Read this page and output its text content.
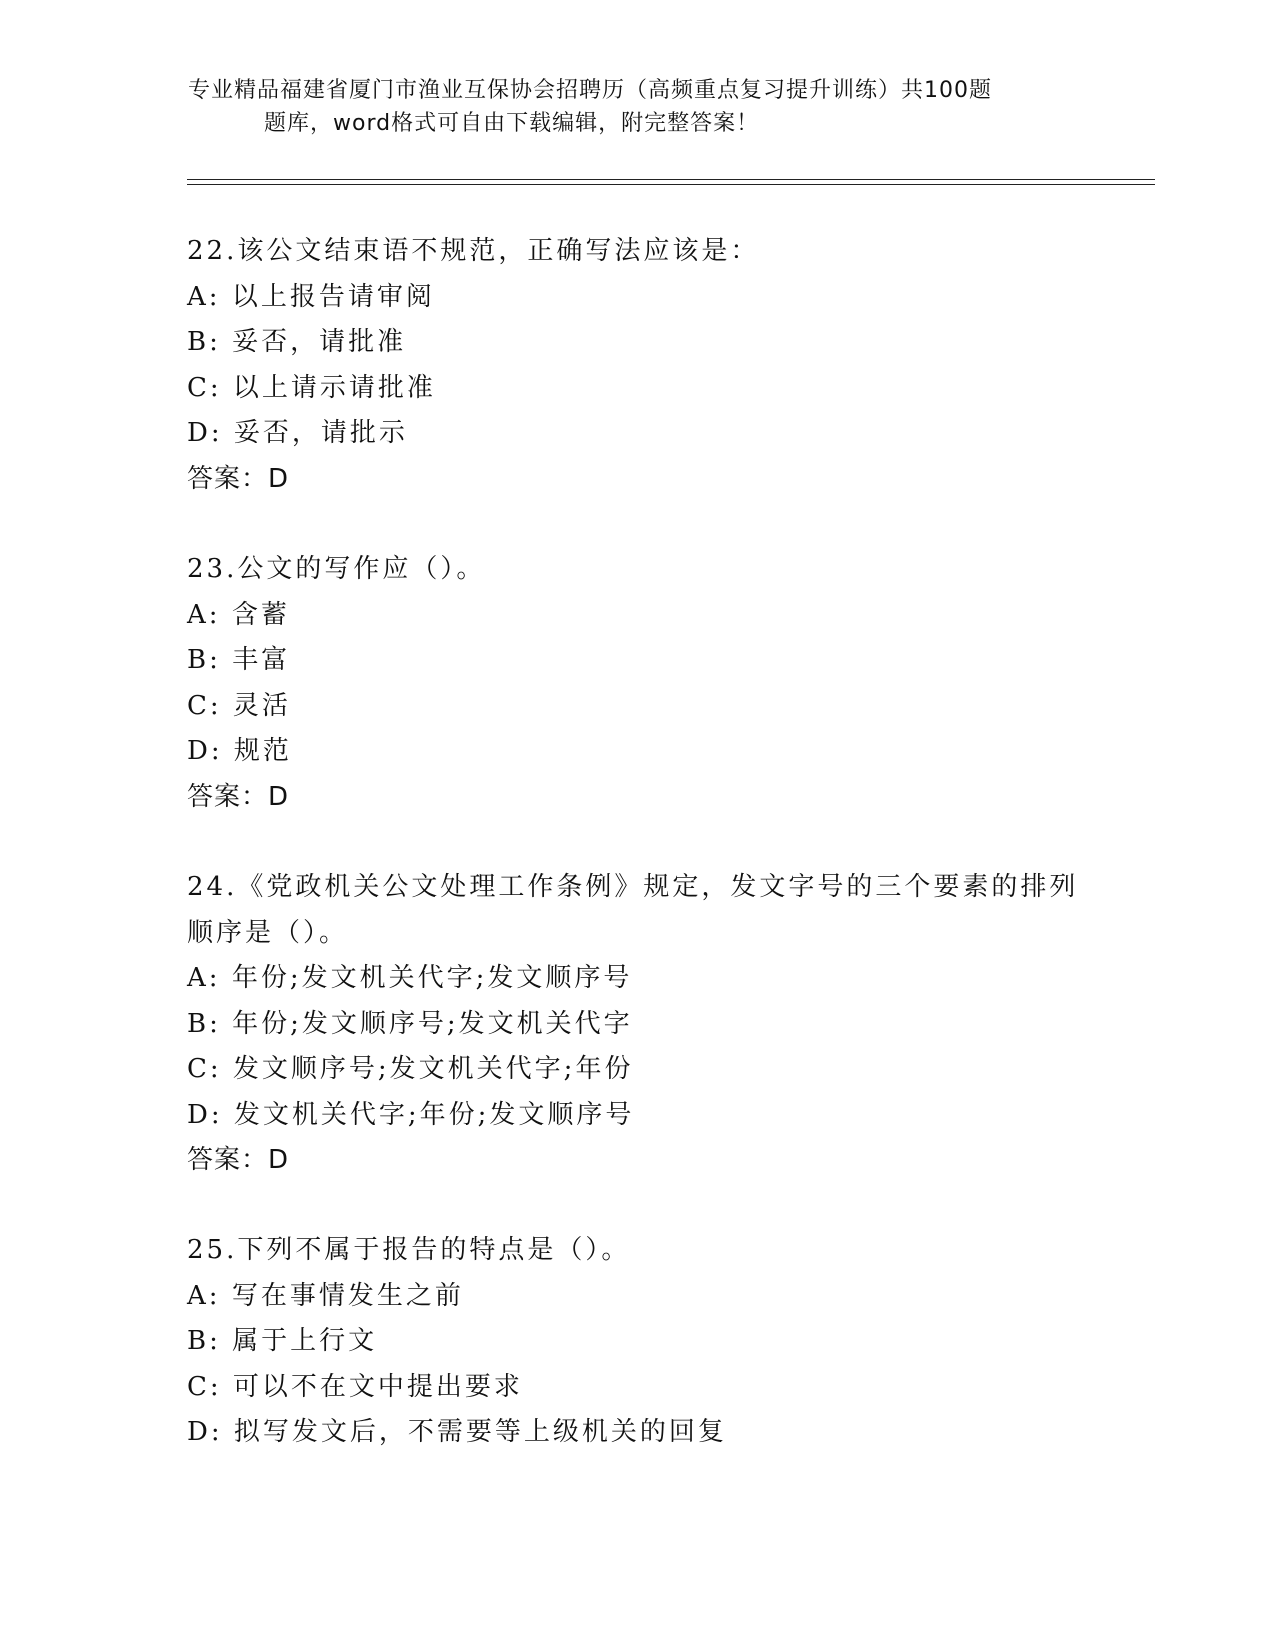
专业精品福建省厦门市渔业互保协会招聘历（高频重点复习提升训练）共100题
题库，word格式可自由下载编辑，附完整答案！
22.该公文结束语不规范，正确写法应该是：
A: 以上报告请审阅
B: 妥否，请批准
C: 以上请示请批准
D: 妥否，请批示
答案：D
23.公文的写作应（）。
A: 含蓄
B: 丰富
C: 灵活
D: 规范
答案：D
24.《党政机关公文处理工作条例》规定，发文字号的三个要素的排列
顺序是（）。
A: 年份;发文机关代字;发文顺序号
B: 年份;发文顺序号;发文机关代字
C: 发文顺序号;发文机关代字;年份
D: 发文机关代字;年份;发文顺序号
答案：D
25.下列不属于报告的特点是（）。
A: 写在事情发生之前
B: 属于上行文
C: 可以不在文中提出要求
D: 拟写发文后，不需要等上级机关的回复
